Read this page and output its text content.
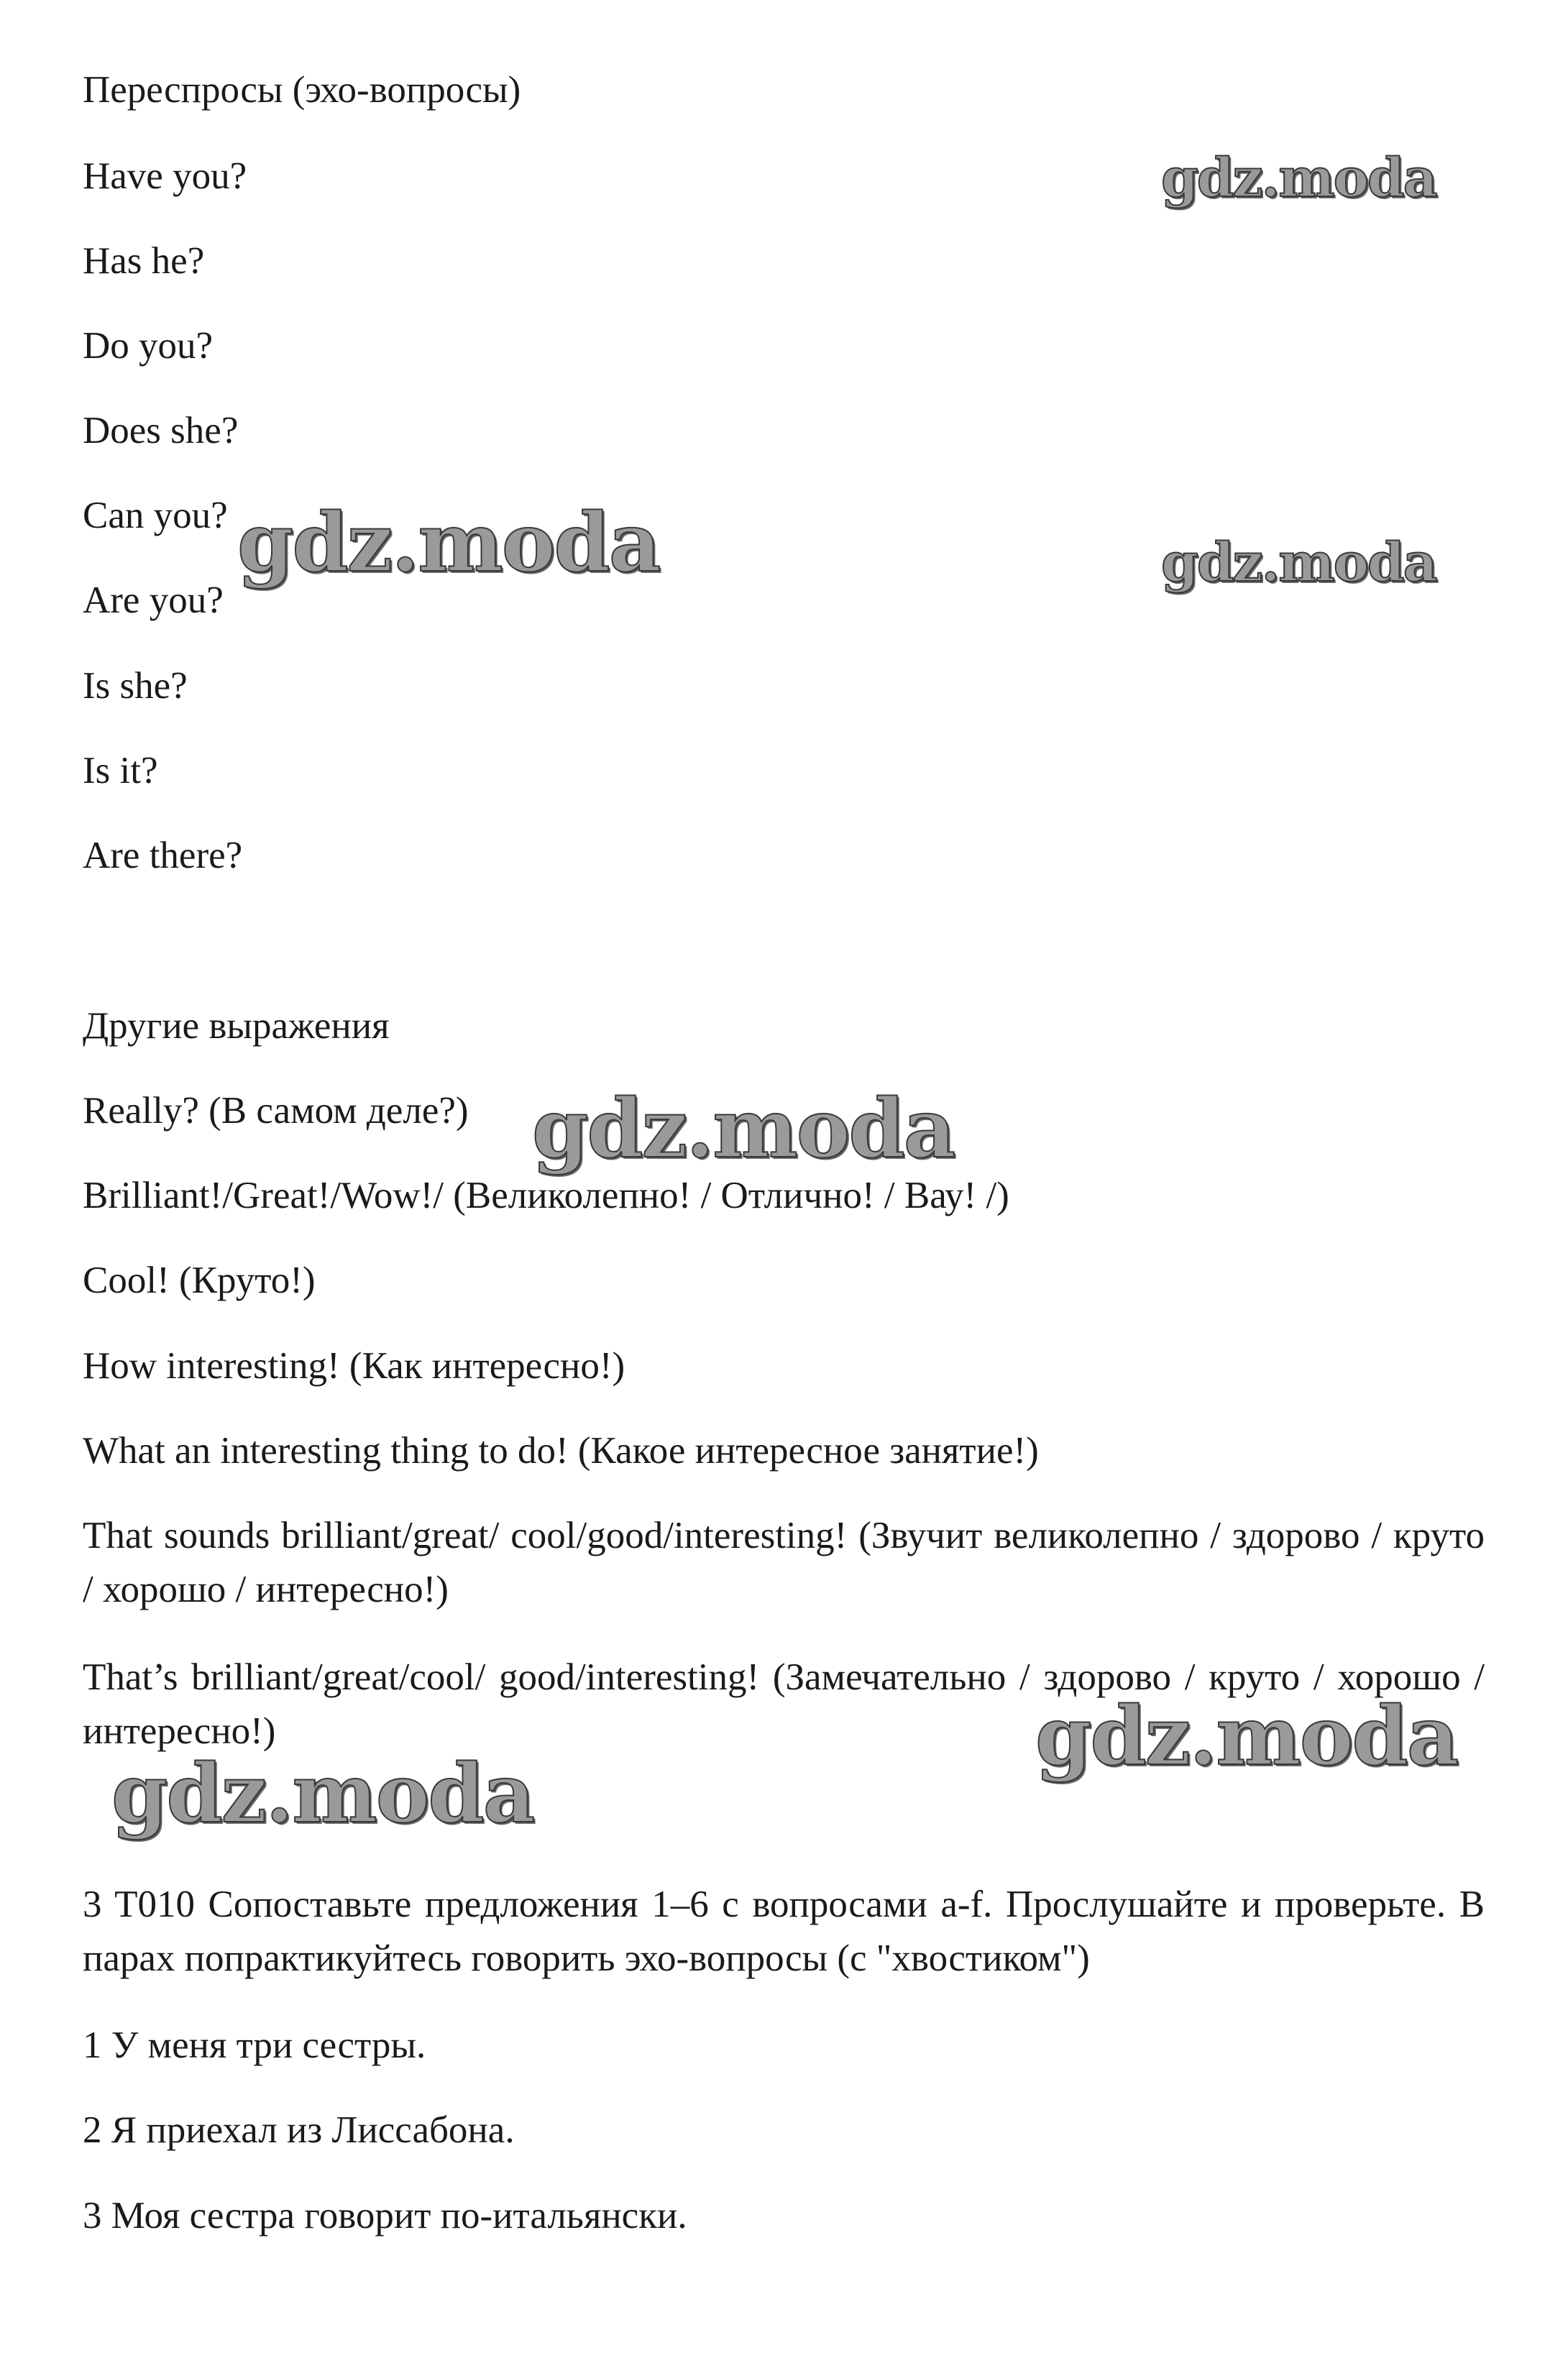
Переспросы (эхо-вопросы)
Have you?
Has he?
Do you?
Does she?
Can you?
Are you?
Is she?
Is it?
Are there?
Другие выражения
Really? (В самом деле?)
Brilliant!/Great!/Wow!/ (Великолепно! / Отлично! / Вау! /)
Cool! (Круто!)
How interesting! (Как интересно!)
What an interesting thing to do! (Какое интересное занятие!)
That sounds brilliant/great/ cool/good/interesting! (Звучит великолепно / здорово / круто / хорошо / интересно!)
That’s brilliant/great/cool/ good/interesting! (Замечательно / здорово / круто / хорошо / интересно!)
3 T010 Сопоставьте предложения 1–6 с вопросами a-f. Прослушайте и проверьте. В парах попрактикуйтесь говорить эхо-вопросы (с "хвостиком")
1 У меня три сестры.
2 Я приехал из Лиссабона.
3 Моя сестра говорит по-итальянски.
gdz.moda
gdz.moda	gdz.moda
gdz.moda
gdz.moda
gdz.moda
